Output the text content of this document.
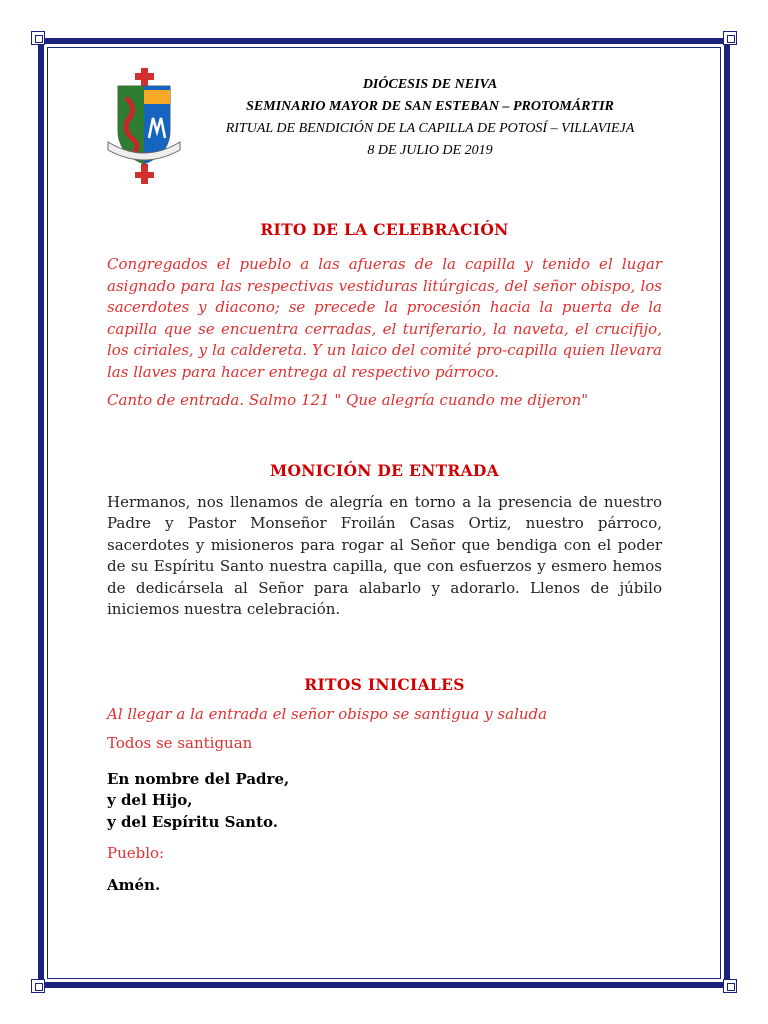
DIÓCESIS DE NEIVA
SEMINARIO MAYOR DE SAN ESTEBAN – PROTOMÁRTIR
RITUAL DE BENDICIÓN DE LA CAPILLA DE POTOSÍ – VILLAVIEJA
8 DE JULIO DE 2019
RITO DE LA CELEBRACIÓN

Congregados el pueblo a las afueras de la capilla y tenido el lugar asignado para las respectivas vestiduras litúrgicas, del señor obispo, los sacerdotes y diacono; se precede la procesión hacia la puerta de la capilla que se encuentra cerradas, el turiferario, la naveta, el crucifijo, los ciriales, y la caldereta. Y un laico del comité pro-capilla quien llevara las llaves para hacer entrega al respectivo párroco.

Canto de entrada. Salmo 121 " Que alegría cuando me dijeron"

MONICIÓN DE ENTRADA

Hermanos, nos llenamos de alegría en torno a la presencia de nuestro Padre y Pastor Monseñor Froilán Casas Ortiz, nuestro párroco, sacerdotes y misioneros para rogar al Señor que bendiga con el poder de su Espíritu Santo nuestra capilla, que con esfuerzos y esmero hemos de dedicársela al Señor para alabarlo y adorarlo. Llenos de júbilo iniciemos nuestra celebración.

RITOS INICIALES

Al llegar a la entrada el señor obispo se santigua y saluda

Todos se santiguan

En nombre del Padre,

y del Hijo,

y del Espíritu Santo.

Pueblo:

Amén.
